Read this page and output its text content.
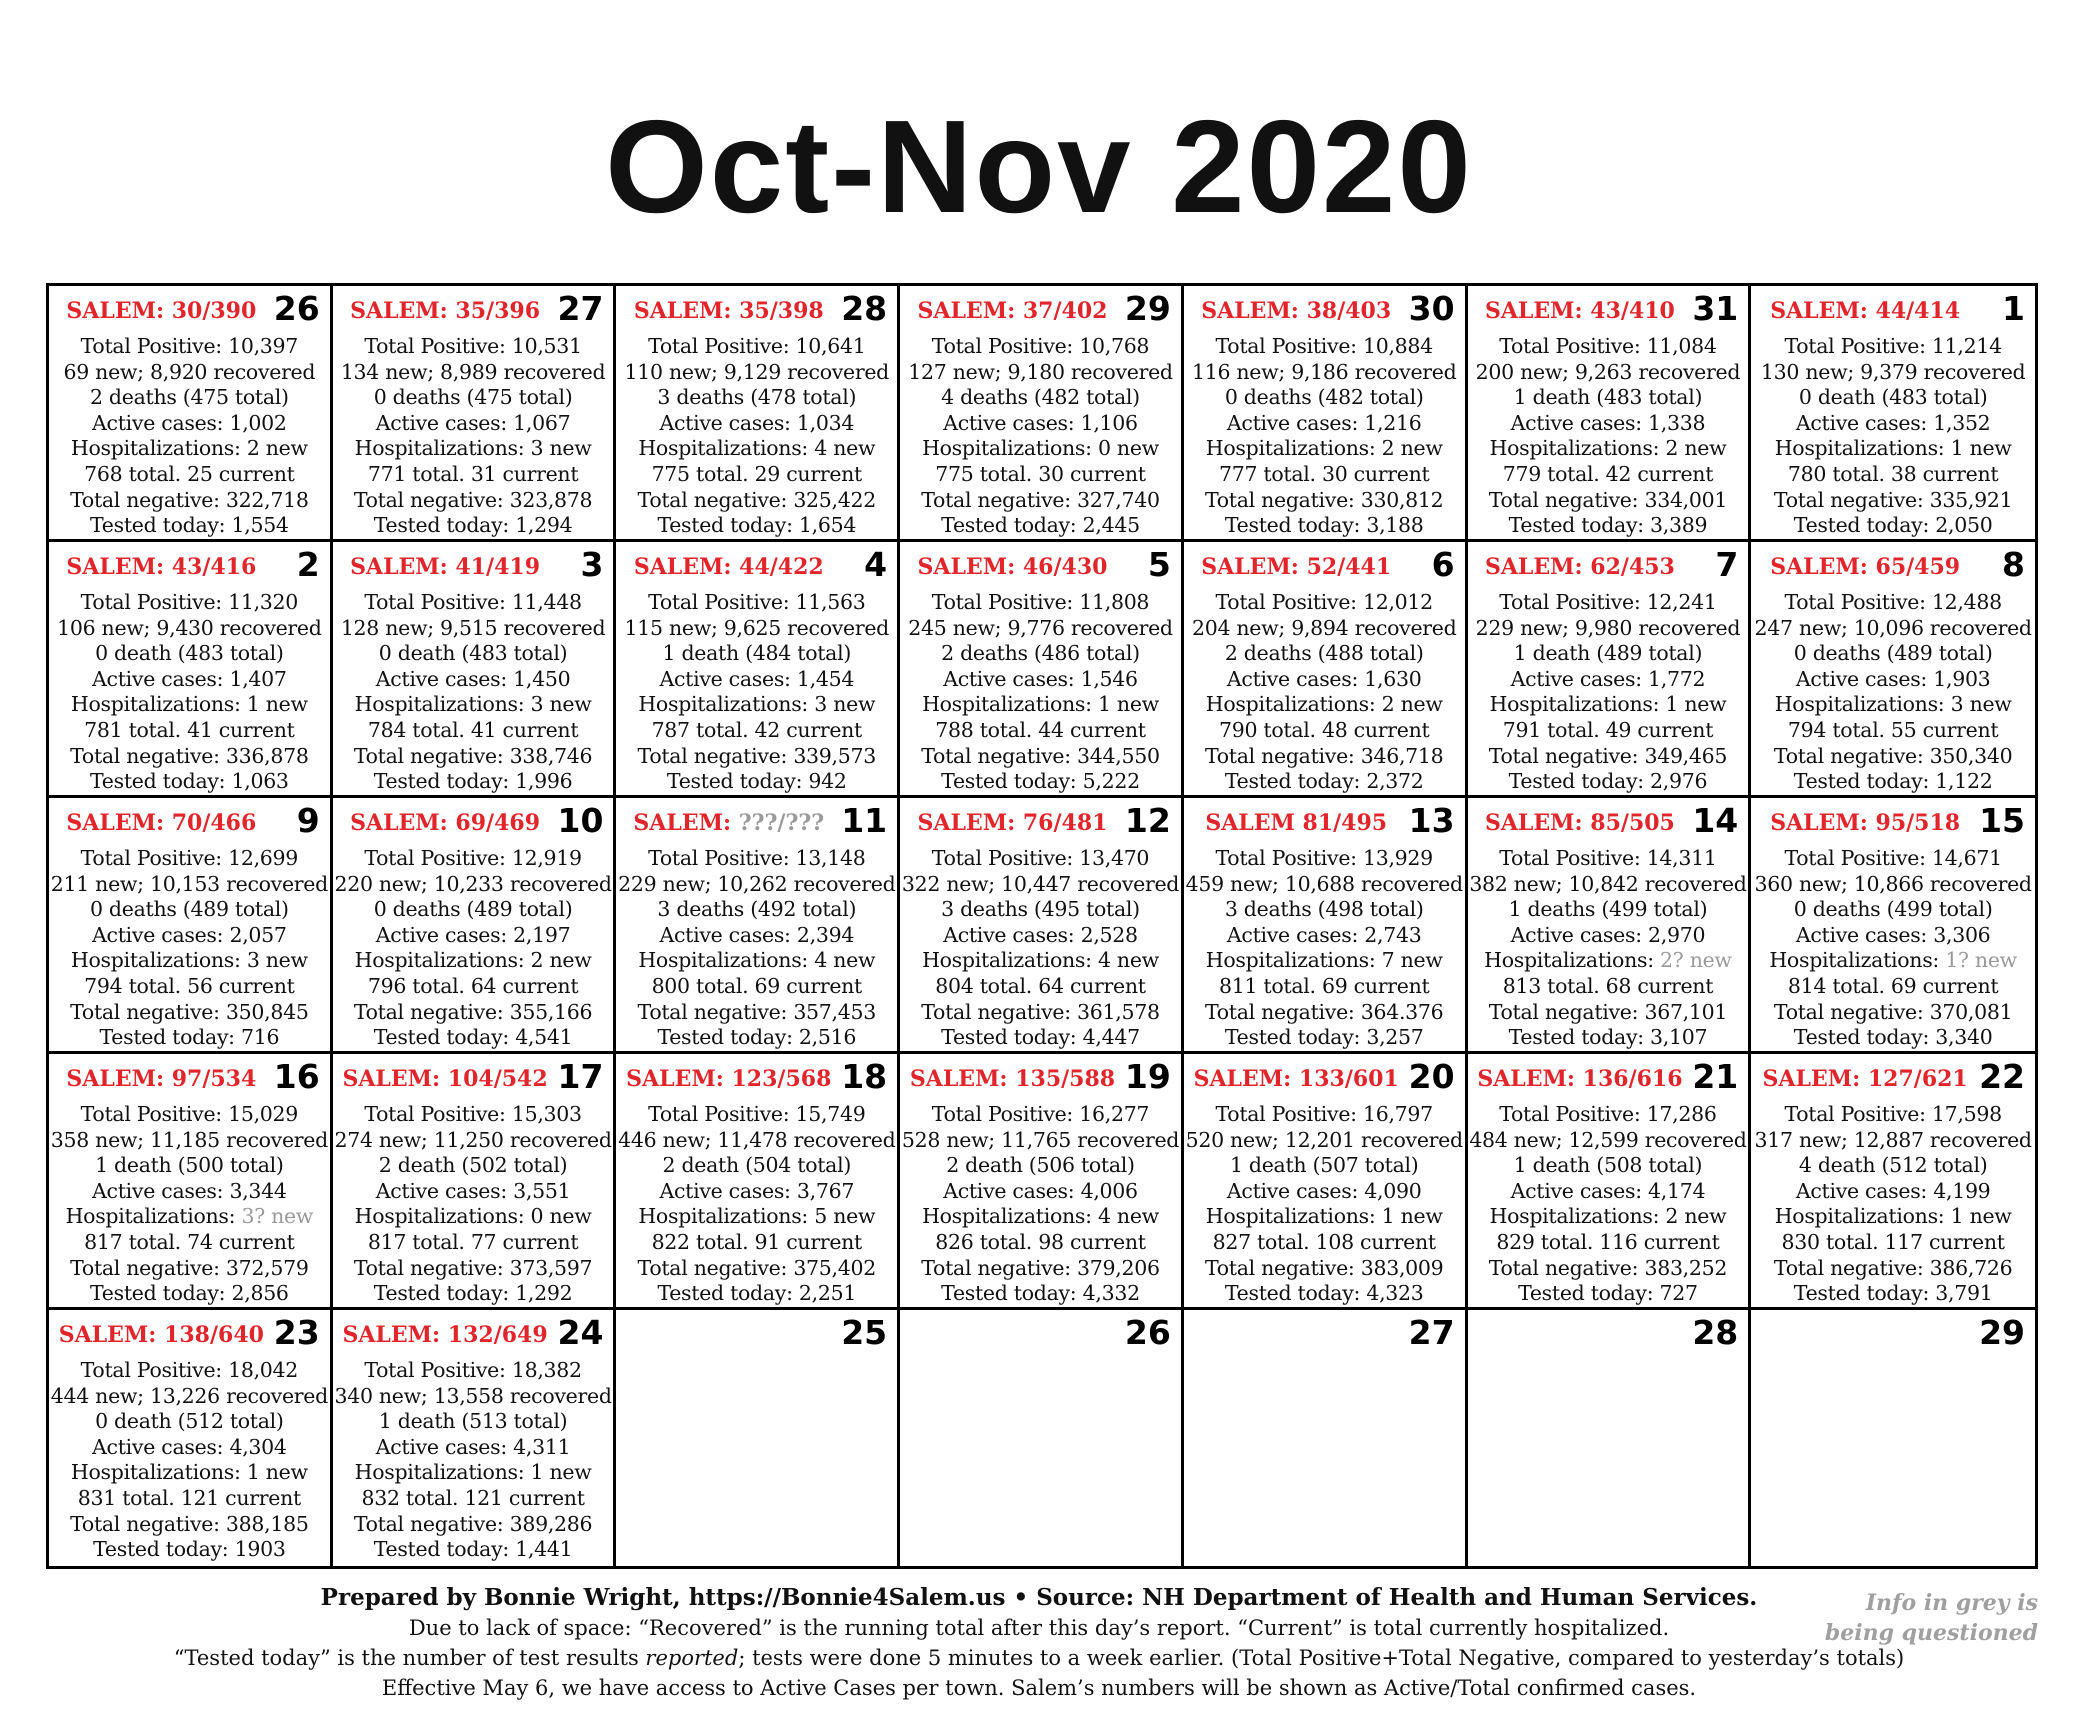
Oct-Nov 2020
SALEM: 30/390 26
Total Positive: 10,397
69 new; 8,920 recovered
2 deaths (475 total)
Active cases: 1,002
Hospitalizations: 2 new
768 total. 25 current
Total negative: 322,718
Tested today: 1,554
SALEM: 35/396 27
Total Positive: 10,531
134 new; 8,989 recovered
0 deaths (475 total)
Active cases: 1,067
Hospitalizations: 3 new
771 total. 31 current
Total negative: 323,878
Tested today: 1,294
SALEM: 35/398 28
Total Positive: 10,641
110 new; 9,129 recovered
3 deaths (478 total)
Active cases: 1,034
Hospitalizations: 4 new
775 total. 29 current
Total negative: 325,422
Tested today: 1,654
SALEM: 37/402 29
Total Positive: 10,768
127 new; 9,180 recovered
4 deaths (482 total)
Active cases: 1,106
Hospitalizations: 0 new
775 total. 30 current
Total negative: 327,740
Tested today: 2,445
SALEM: 38/403 30
Total Positive: 10,884
116 new; 9,186 recovered
0 deaths (482 total)
Active cases: 1,216
Hospitalizations: 2 new
777 total. 30 current
Total negative: 330,812
Tested today: 3,188
SALEM: 43/410 31
Total Positive: 11,084
200 new; 9,263 recovered
1 death (483 total)
Active cases: 1,338
Hospitalizations: 2 new
779 total. 42 current
Total negative: 334,001
Tested today: 3,389
SALEM: 44/414	1
Total Positive: 11,214
130 new; 9,379 recovered
0 death (483 total)
Active cases: 1,352
Hospitalizations: 1 new
780 total. 38 current
Total negative: 335,921
Tested today: 2,050
SALEM: 43/416	2
Total Positive: 11,320
106 new; 9,430 recovered
0 death (483 total)
Active cases: 1,407
Hospitalizations: 1 new
781 total. 41 current
Total negative: 336,878
Tested today: 1,063
SALEM: 41/419	3
Total Positive: 11,448
128 new; 9,515 recovered
0 death (483 total)
Active cases: 1,450
Hospitalizations: 3 new
784 total. 41 current
Total negative: 338,746
Tested today: 1,996
SALEM: 44/422	4
Total Positive: 11,563
115 new; 9,625 recovered
1 death (484 total)
Active cases: 1,454
Hospitalizations: 3 new
787 total. 42 current
Total negative: 339,573
Tested today: 942
SALEM: 46/430	5
Total Positive: 11,808
245 new; 9,776 recovered
2 deaths (486 total)
Active cases: 1,546
Hospitalizations: 1 new
788 total. 44 current
Total negative: 344,550
Tested today: 5,222
SALEM: 52/441	6
Total Positive: 12,012
204 new; 9,894 recovered
2 deaths (488 total)
Active cases: 1,630
Hospitalizations: 2 new
790 total. 48 current
Total negative: 346,718
Tested today: 2,372
SALEM: 62/453	7
Total Positive: 12,241
229 new; 9,980 recovered
1 death (489 total)
Active cases: 1,772
Hospitalizations: 1 new
791 total. 49 current
Total negative: 349,465
Tested today: 2,976
SALEM: 65/459	8
Total Positive: 12,488
247 new; 10,096 recovered
0 deaths (489 total)
Active cases: 1,903
Hospitalizations: 3 new
794 total. 55 current
Total negative: 350,340
Tested today: 1,122
SALEM: 70/466	9
Total Positive: 12,699
211 new; 10,153 recovered
0 deaths (489 total)
Active cases: 2,057
Hospitalizations: 3 new
794 total. 56 current
Total negative: 350,845
Tested today: 716
SALEM: 69/469 10
Total Positive: 12,919
220 new; 10,233 recovered
0 deaths (489 total)
Active cases: 2,197
Hospitalizations: 2 new
796 total. 64 current
Total negative: 355,166
Tested today: 4,541
SALEM: ???/??? 11
Total Positive: 13,148
229 new; 10,262 recovered
3 deaths (492 total)
Active cases: 2,394
Hospitalizations: 4 new
800 total. 69 current
Total negative: 357,453
Tested today: 2,516
SALEM: 76/481 12
Total Positive: 13,470
322 new; 10,447 recovered
3 deaths (495 total)
Active cases: 2,528
Hospitalizations: 4 new
804 total. 64 current
Total negative: 361,578
Tested today: 4,447
SALEM 81/495 13
Total Positive: 13,929
459 new; 10,688 recovered
3 deaths (498 total)
Active cases: 2,743
Hospitalizations: 7 new
811 total. 69 current
Total negative: 364.376
Tested today: 3,257
SALEM: 85/505 14
Total Positive: 14,311
382 new; 10,842 recovered
1 deaths (499 total)
Active cases: 2,970
Hospitalizations: 2? new
813 total. 68 current
Total negative: 367,101
Tested today: 3,107
SALEM: 95/518 15
Total Positive: 14,671
360 new; 10,866 recovered
0 deaths (499 total)
Active cases: 3,306
Hospitalizations: 1? new
814 total. 69 current
Total negative: 370,081
Tested today: 3,340
SALEM: 97/534 16
Total Positive: 15,029
358 new; 11,185 recovered
1 death (500 total)
Active cases: 3,344
Hospitalizations: 3? new
817 total. 74 current
Total negative: 372,579
Tested today: 2,856
SALEM: 104/542 17
Total Positive: 15,303
274 new; 11,250 recovered
2 death (502 total)
Active cases: 3,551
Hospitalizations: 0 new
817 total. 77 current
Total negative: 373,597
Tested today: 1,292
SALEM: 123/568 18
Total Positive: 15,749
446 new; 11,478 recovered
2 death (504 total)
Active cases: 3,767
Hospitalizations: 5 new
822 total. 91 current
Total negative: 375,402
Tested today: 2,251
SALEM: 135/588 19
Total Positive: 16,277
528 new; 11,765 recovered
2 death (506 total)
Active cases: 4,006
Hospitalizations: 4 new
826 total. 98 current
Total negative: 379,206
Tested today: 4,332
SALEM: 133/601 20
Total Positive: 16,797
520 new; 12,201 recovered
1 death (507 total)
Active cases: 4,090
Hospitalizations: 1 new
827 total. 108 current
Total negative: 383,009
Tested today: 4,323
SALEM: 136/616 21
Total Positive: 17,286
484 new; 12,599 recovered
1 death (508 total)
Active cases: 4,174
Hospitalizations: 2 new
829 total. 116 current
Total negative: 383,252
Tested today: 727
SALEM: 127/621 22
Total Positive: 17,598
317 new; 12,887 recovered
4 death (512 total)
Active cases: 4,199
Hospitalizations: 1 new
830 total. 117 current
Total negative: 386,726
Tested today: 3,791
SALEM: 138/640 23
Total Positive: 18,042
444 new; 13,226 recovered
0 death (512 total)
Active cases: 4,304
Hospitalizations: 1 new
831 total. 121 current
Total negative: 388,185
Tested today: 1903
SALEM: 132/649 24
Total Positive: 18,382
340 new; 13,558 recovered
1 death (513 total)
Active cases: 4,311
Hospitalizations: 1 new
832 total. 121 current
Total negative: 389,286
Tested today: 1,441
25	26	27	28	29
Prepared by Bonnie Wright, https://Bonnie4Salem.us • Source: NH Department of Health and Human Services.
Due to lack of space: “Recovered” is the running total after this day’s report. “Current” is total currently hospitalized.
“Tested today” is the number of test results reported; tests were done 5 minutes to a week earlier. (Total Positive+Total Negative, compared to yesterday’s totals)
Effective May 6, we have access to Active Cases per town. Salem’s numbers will be shown as Active/Total confirmed cases.
Info in grey is
being questioned
